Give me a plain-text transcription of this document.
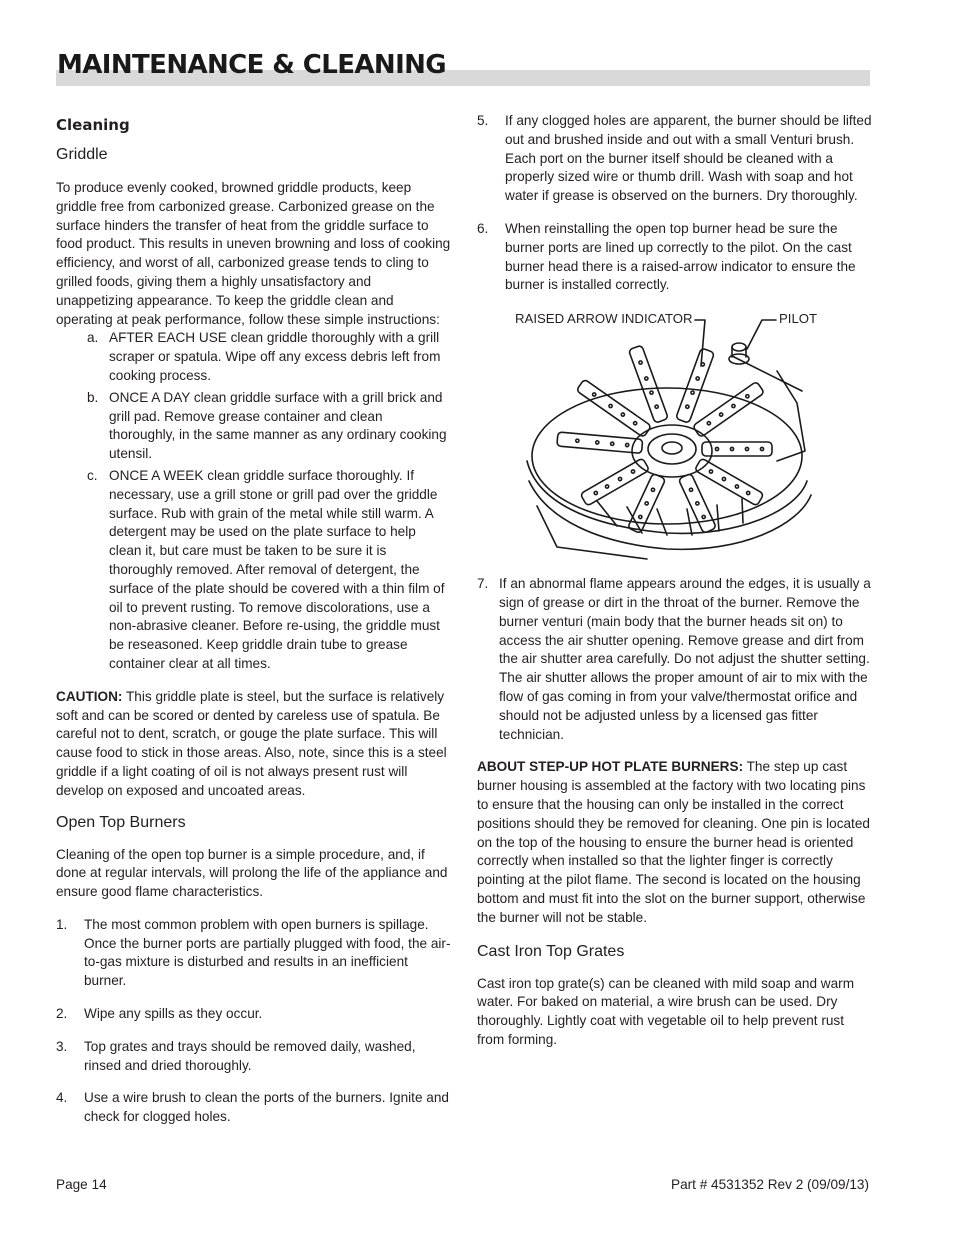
MAINTENANCE & CLEANING
Cleaning
Griddle

To produce evenly cooked, browned griddle products, keep griddle free from carbonized grease. Carbonized grease on the surface hinders the transfer of heat from the griddle surface to food product. This results in uneven browning and loss of cooking efficiency, and worst of all, carbonized grease tends to cling to grilled foods, giving them a highly unsatisfactory and unappetizing appearance. To keep the griddle clean and operating at peak performance, follow these simple instructions:

a. AFTER EACH USE clean griddle thoroughly with a grill scraper or spatula. Wipe off any excess debris left from cooking process.
b. ONCE A DAY clean griddle surface with a grill brick and grill pad. Remove grease container and clean thoroughly, in the same manner as any ordinary cooking utensil.
c. ONCE A WEEK clean griddle surface thoroughly. If necessary, use a grill stone or grill pad over the griddle surface. Rub with grain of the metal while still warm. A detergent may be used on the plate surface to help clean it, but care must be taken to be sure it is thoroughly removed. After removal of detergent, the surface of the plate should be covered with a thin film of oil to prevent rusting. To remove discolorations, use a non-abrasive cleaner. Before re-using, the griddle must be reseasoned. Keep griddle drain tube to grease container clear at all times.

CAUTION: This griddle plate is steel, but the surface is relatively soft and can be scored or dented by careless use of spatula. Be careful not to dent, scratch, or gouge the plate surface. This will cause food to stick in those areas. Also, note, since this is a steel griddle if a light coating of oil is not always present rust will develop on exposed and uncoated areas.

Open Top Burners

Cleaning of the open top burner is a simple procedure, and, if done at regular intervals, will prolong the life of the appliance and ensure good flame characteristics.

1. The most common problem with open burners is spillage. Once the burner ports are partially plugged with food, the air-to-gas mixture is disturbed and results in an inefficient burner.
2. Wipe any spills as they occur.
3. Top grates and trays should be removed daily, washed, rinsed and dried thoroughly.
4. Use a wire brush to clean the ports of the burners. Ignite and check for clogged holes.
5. If any clogged holes are apparent, the burner should be lifted out and brushed inside and out with a small Venturi brush. Each port on the burner itself should be cleaned with a properly sized wire or thumb drill. Wash with soap and hot water if grease is observed on the burners. Dry thoroughly.
6. When reinstalling the open top burner head be sure the burner ports are lined up correctly to the pilot. On the cast burner head there is a raised-arrow indicator to ensure the burner is installed correctly.
RAISED ARROW INDICATOR	PILOT
7. If an abnormal flame appears around the edges, it is usually a sign of grease or dirt in the throat of the burner. Remove the burner venturi (main body that the burner heads sit on) to access the air shutter opening. Remove grease and dirt from the air shutter area carefully. Do not adjust the shutter setting. The air shutter allows the proper amount of air to mix with the flow of gas coming in from your valve/thermostat orifice and should not be adjusted unless by a licensed gas fitter technician.

ABOUT STEP-UP HOT PLATE BURNERS: The step up cast burner housing is assembled at the factory with two locating pins to ensure that the housing can only be installed in the correct positions should they be removed for cleaning. One pin is located on the top of the housing to ensure the burner head is oriented correctly when installed so that the lighter finger is correctly pointing at the pilot flame. The second is located on the housing bottom and must fit into the slot on the burner support, otherwise the burner will not be stable.

Cast Iron Top Grates

Cast iron top grate(s) can be cleaned with mild soap and warm water. For baked on material, a wire brush can be used. Dry thoroughly. Lightly coat with vegetable oil to help prevent rust from forming.

Page 14	Part # 4531352 Rev 2 (09/09/13)
